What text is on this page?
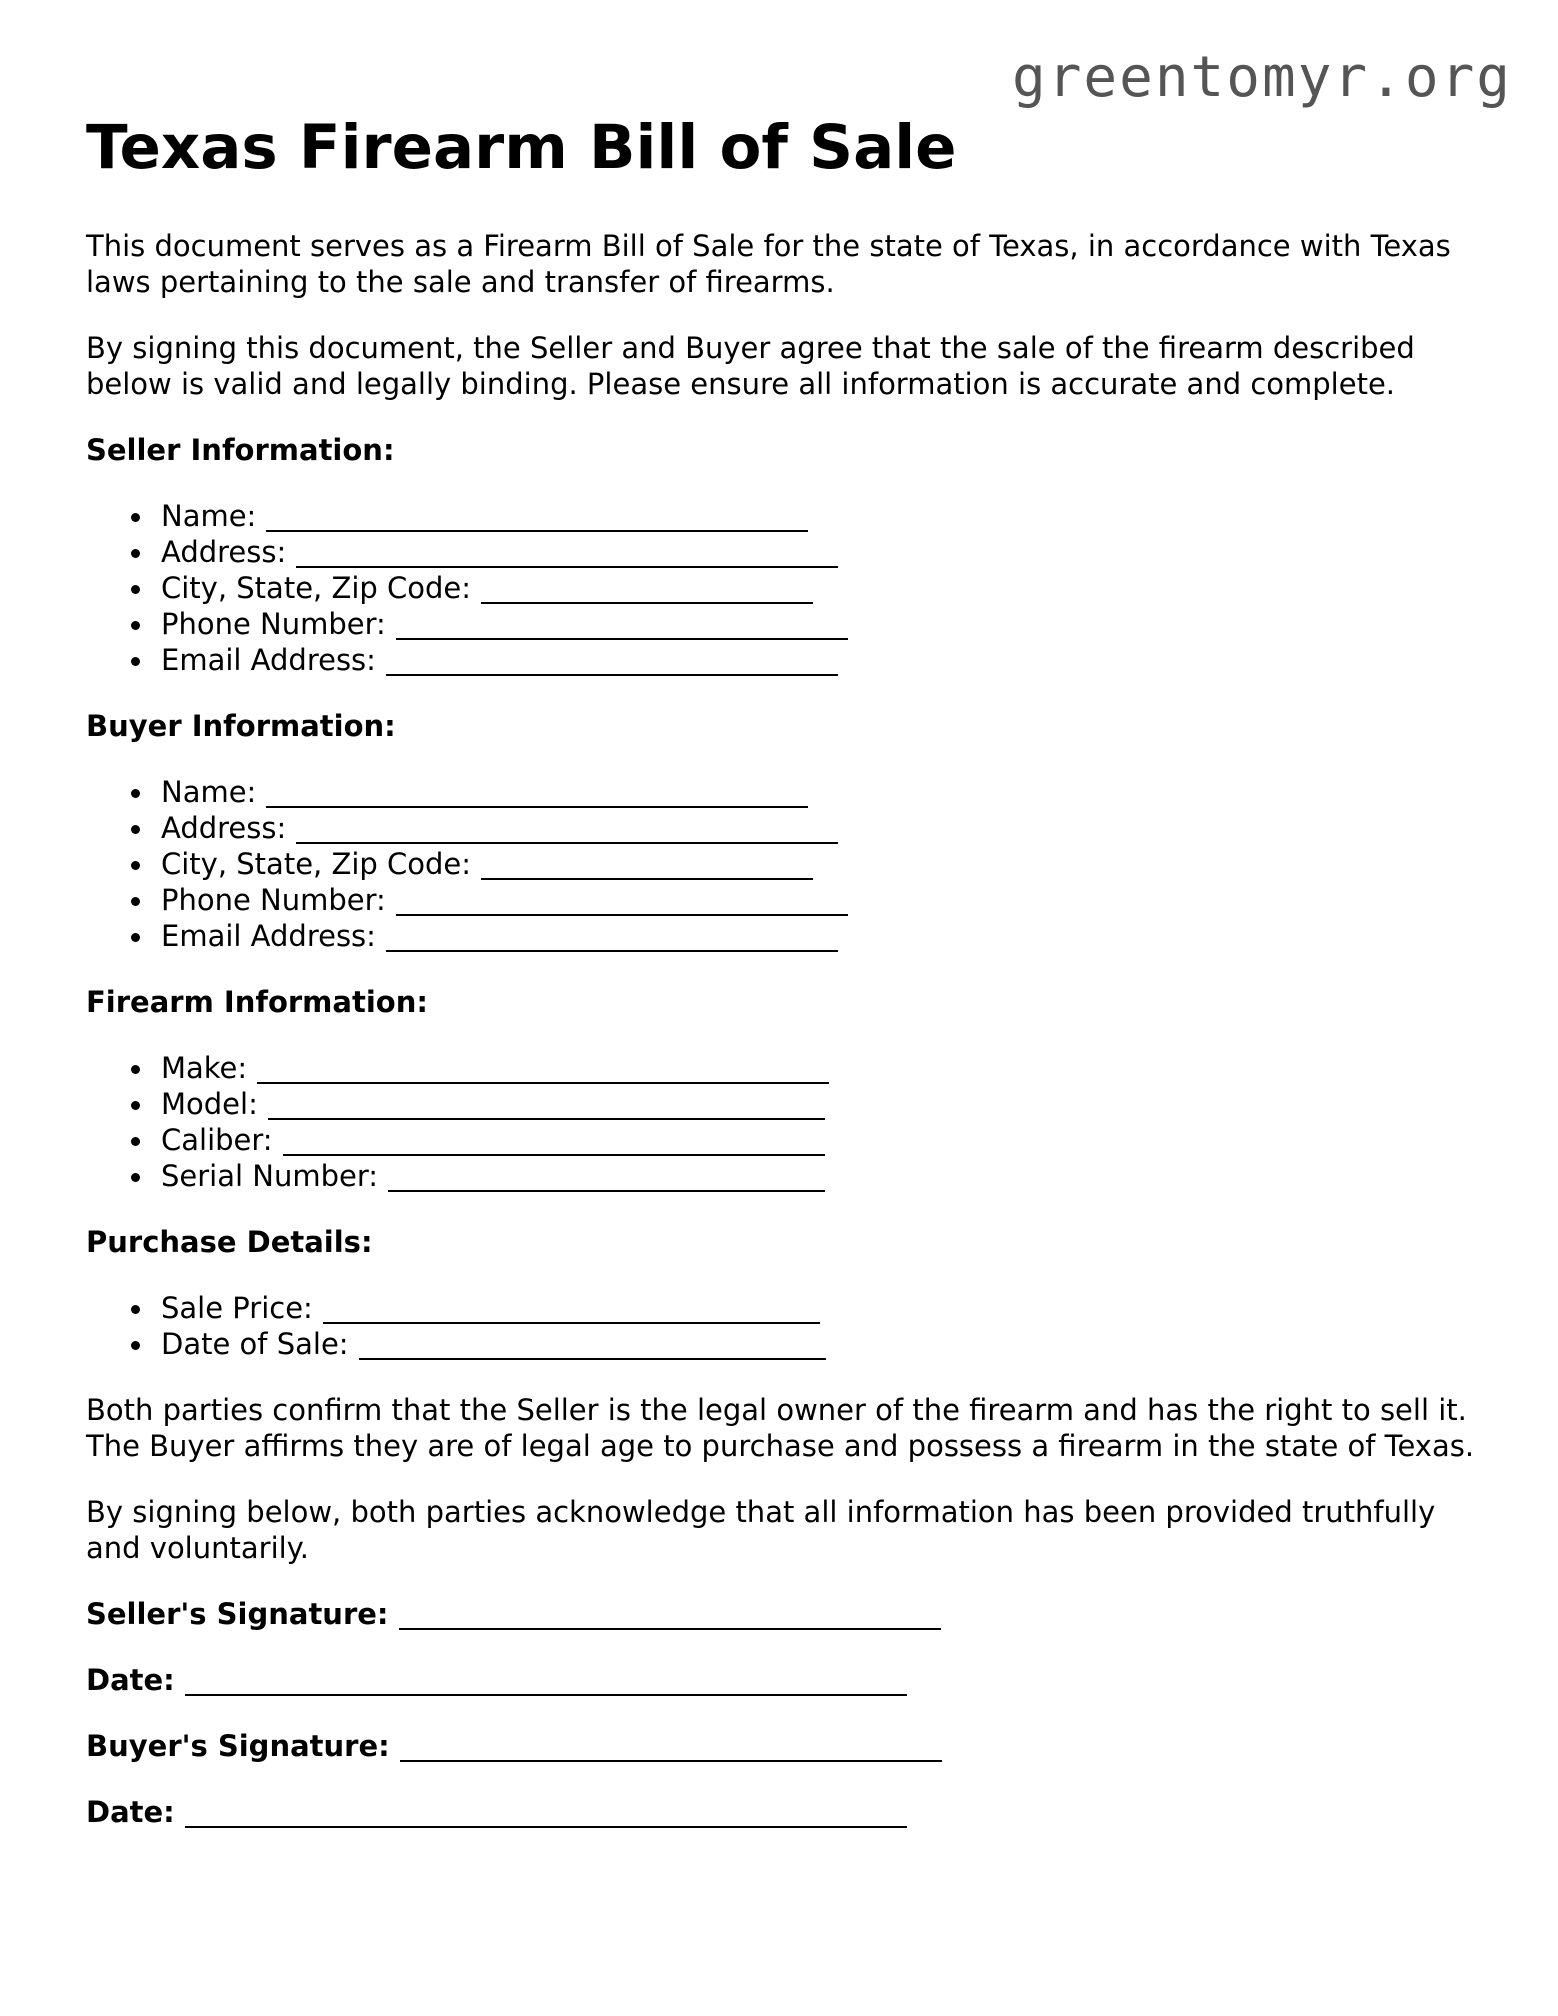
greentomyr.org
Texas Firearm Bill of Sale

This document serves as a Firearm Bill of Sale for the state of Texas, in accordance with Texas laws pertaining to the sale and transfer of firearms.

By signing this document, the Seller and Buyer agree that the sale of the firearm described below is valid and legally binding. Please ensure all information is accurate and complete.

Seller Information:
Name:
Address:
City, State, Zip Code:
Phone Number:
Email Address:
Buyer Information:
Name:
Address:
City, State, Zip Code:
Phone Number:
Email Address:
Firearm Information:
Make:
Model:
Caliber:
Serial Number:
Purchase Details:
Sale Price:
Date of Sale:

Both parties confirm that the Seller is the legal owner of the firearm and has the right to sell it. The Buyer affirms they are of legal age to purchase and possess a firearm in the state of Texas.

By signing below, both parties acknowledge that all information has been provided truthfully and voluntarily.

Seller's Signature:
Date:
Buyer's Signature:
Date:
